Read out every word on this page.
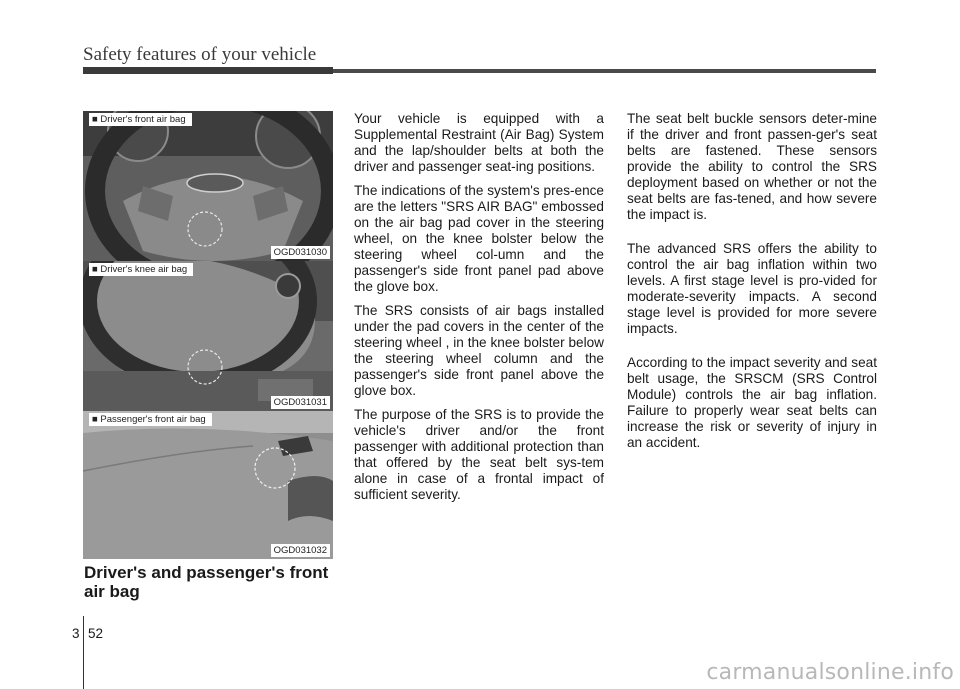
Safety features of your vehicle
■ Driver's front air bag
OGD031030
■ Driver's knee air bag
OGD031031
■ Passenger's front air bag
OGD031032
Driver's and passenger's front
air bag

Your vehicle is equipped with a Supplemental Restraint (Air Bag) System and the lap/shoulder belts at both the driver and passenger seat-ing positions.

The indications of the system's pres-ence are the letters "SRS AIR BAG" embossed on the air bag pad cover in the steering wheel, on the knee bolster below the steering wheel col-umn and the passenger's side front panel pad above the glove box.

The SRS consists of air bags installed under the pad covers in the center of the steering wheel , in the knee bolster below the steering wheel column and the passenger's side front panel above the glove box.

The purpose of the SRS is to provide the vehicle's driver and/or the front passenger with additional protection than that offered by the seat belt sys-tem alone in case of a frontal impact of sufficient severity.

The seat belt buckle sensors deter-mine if the driver and front passen-ger's seat belts are fastened. These sensors provide the ability to control the SRS deployment based on whether or not the seat belts are fas-tened, and how severe the impact is.

The advanced SRS offers the ability to control the air bag inflation within two levels. A first stage level is pro-vided for moderate-severity impacts. A second stage level is provided for more severe impacts.

According to the impact severity and seat belt usage, the SRSCM (SRS Control Module) controls the air bag inflation. Failure to properly wear seat belts can increase the risk or severity of injury in an accident.

3 52
carmanualsonline.info
